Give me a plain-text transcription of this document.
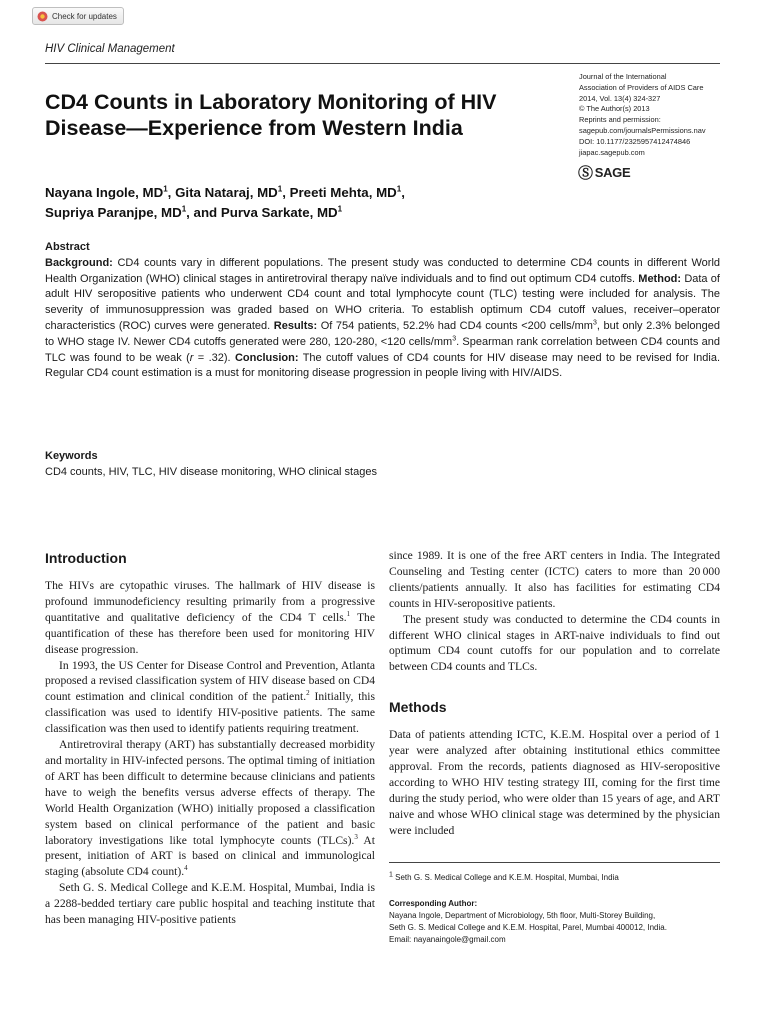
Check for updates
HIV Clinical Management
CD4 Counts in Laboratory Monitoring of HIV Disease—Experience from Western India
Journal of the International
Association of Providers of AIDS Care
2014, Vol. 13(4) 324-327
© The Author(s) 2013
Reprints and permission:
sagepub.com/journalsPermissions.nav
DOI: 10.1177/2325957412474846
jiapac.sagepub.com
Ⓢ SAGE
Nayana Ingole, $MD^1$, Gita Nataraj, $MD^1$, Preeti Mehta, $MD^1$,
Supriya Paranjpe, $MD^1$, and Purva Sarkate, $MD^1$
Abstract
Background: CD4 counts vary in different populations. The present study was conducted to determine CD4 counts in different World Health Organization (WHO) clinical stages in antiretroviral therapy naïve individuals and to find out optimum CD4 cutoffs. Method: Data of adult HIV seropositive patients who underwent CD4 count and total lymphocyte count (TLC) testing were included for analysis. The severity of immunosuppression was graded based on WHO criteria. To establish optimum CD4 cutoff values, receiver–operator characteristics (ROC) curves were generated. Results: Of 754 patients, 52.2% had CD4 counts <200 cells/$mm^3$, but only 2.3% belonged to WHO stage IV. Newer CD4 cutoffs generated were 280, 120-280, <120 cells/$mm^3$. Spearman rank correlation between CD4 counts and TLC was found to be weak (r = .32). Conclusion: The cutoff values of CD4 counts for HIV disease may need to be revised for India. Regular CD4 count estimation is a must for monitoring disease progression in people living with HIV/AIDS.
Keywords
CD4 counts, HIV, TLC, HIV disease monitoring, WHO clinical stages
Introduction

The HIVs are cytopathic viruses. The hallmark of HIV disease is profound immunodeficiency resulting primarily from a progressive quantitative and qualitative deficiency of the CD4 T cells.$^1$ The quantification of these has therefore been used for monitoring HIV disease progression.

In 1993, the US Center for Disease Control and Prevention, Atlanta proposed a revised classification system of HIV disease based on CD4 count estimation and clinical condition of the patient.$^2$ Initially, this classification was used to identify HIV-positive patients. The same classification was then used to identify patients requiring treatment.

Antiretroviral therapy (ART) has substantially decreased morbidity and mortality in HIV-infected persons. The optimal timing of initiation of ART has been difficult to determine because clinicians and patients have to weigh the benefits versus adverse effects of therapy. The World Health Organization (WHO) initially proposed a classification system based on clinical performance of the patient and basic laboratory investigations like total lymphocyte counts (TLCs).$^3$ At present, initiation of ART is based on clinical and immunological staging (absolute CD4 count).$^4$

Seth G. S. Medical College and K.E.M. Hospital, Mumbai, India is a 2288-bedded tertiary care public hospital and teaching institute that has been managing HIV-positive patients

since 1989. It is one of the free ART centers in India. The Integrated Counseling and Testing center (ICTC) caters to more than 20 000 clients/patients annually. It also has facilities for estimating CD4 counts in HIV-seropositive patients.

The present study was conducted to determine the CD4 counts in different WHO clinical stages in ART-naive individuals to find out optimum CD4 count cutoffs for our population and to correlate between CD4 counts and TLCs.

Methods

Data of patients attending ICTC, K.E.M. Hospital over a period of 1 year were analyzed after obtaining institutional ethics committee approval. From the records, patients diagnosed as HIV-seropositive according to WHO HIV testing strategy III, coming for the first time during the study period, who were older than 15 years of age, and ART naive and whose WHO clinical stage was determined by the physician were included

$^1$ Seth G. S. Medical College and K.E.M. Hospital, Mumbai, India
Corresponding Author:
Nayana Ingole, Department of Microbiology, 5th floor, Multi-Storey Building,
Seth G. S. Medical College and K.E.M. Hospital, Parel, Mumbai 400012, India.
Email: nayanaingole@gmail.com
